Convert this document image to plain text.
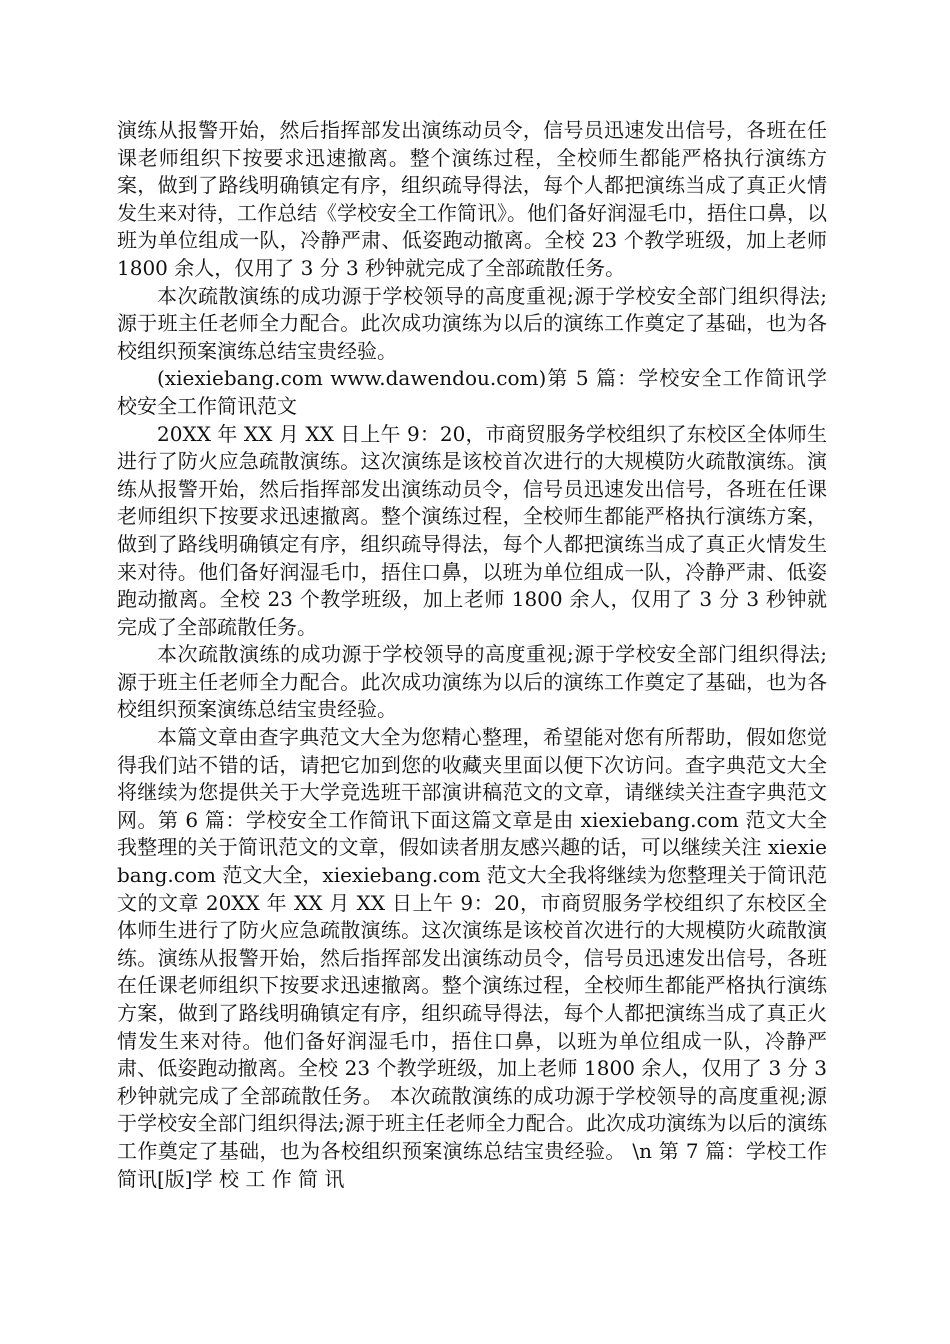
演练从报警开始，然后指挥部发出演练动员令，信号员迅速发出信号，各班在任课老师组织下按要求迅速撤离。整个演练过程，全校师生都能严格执行演练方案，做到了路线明确镇定有序，组织疏导得法，每个人都把演练当成了真正火情发生来对待，工作总结《学校安全工作简讯》。他们备好润湿毛巾，捂住口鼻，以班为单位组成一队，冷静严肃、低姿跑动撤离。全校 23 个教学班级，加上老师 1800 余人，仅用了 3 分 3 秒钟就完成了全部疏散任务。

本次疏散演练的成功源于学校领导的高度重视;源于学校安全部门组织得法;源于班主任老师全力配合。此次成功演练为以后的演练工作奠定了基础，也为各校组织预案演练总结宝贵经验。

(xiexiebang.com www.dawendou.com)第 5 篇：学校安全工作简讯学校安全工作简讯范文

20XX 年 XX 月 XX 日上午 9：20，市商贸服务学校组织了东校区全体师生进行了防火应急疏散演练。这次演练是该校首次进行的大规模防火疏散演练。演练从报警开始，然后指挥部发出演练动员令，信号员迅速发出信号，各班在任课老师组织下按要求迅速撤离。整个演练过程，全校师生都能严格执行演练方案，做到了路线明确镇定有序，组织疏导得法，每个人都把演练当成了真正火情发生来对待。他们备好润湿毛巾，捂住口鼻，以班为单位组成一队，冷静严肃、低姿跑动撤离。全校 23 个教学班级，加上老师 1800 余人，仅用了 3 分 3 秒钟就完成了全部疏散任务。

本次疏散演练的成功源于学校领导的高度重视;源于学校安全部门组织得法;源于班主任老师全力配合。此次成功演练为以后的演练工作奠定了基础，也为各校组织预案演练总结宝贵经验。

本篇文章由查字典范文大全为您精心整理，希望能对您有所帮助，假如您觉得我们站不错的话，请把它加到您的收藏夹里面以便下次访问。查字典范文大全将继续为您提供关于大学竞选班干部演讲稿范文的文章，请继续关注查字典范文网。第 6 篇：学校安全工作简讯下面这篇文章是由 xiexiebang.com 范文大全我整理的关于简讯范文的文章，假如读者朋友感兴趣的话，可以继续关注 xiexiebang.com 范文大全，xiexiebang.com 范文大全我将继续为您整理关于简讯范文的文章 20XX 年 XX 月 XX 日上午 9：20，市商贸服务学校组织了东校区全体师生进行了防火应急疏散演练。这次演练是该校首次进行的大规模防火疏散演练。演练从报警开始，然后指挥部发出演练动员令，信号员迅速发出信号，各班在任课老师组织下按要求迅速撤离。整个演练过程，全校师生都能严格执行演练方案，做到了路线明确镇定有序，组织疏导得法，每个人都把演练当成了真正火情发生来对待。他们备好润湿毛巾，捂住口鼻，以班为单位组成一队，冷静严肃、低姿跑动撤离。全校 23 个教学班级，加上老师 1800 余人，仅用了 3 分 3 秒钟就完成了全部疏散任务。 本次疏散演练的成功源于学校领导的高度重视;源于学校安全部门组织得法;源于班主任老师全力配合。此次成功演练为以后的演练工作奠定了基础，也为各校组织预案演练总结宝贵经验。 \n 第 7 篇：学校工作简讯[版]学 校 工 作 简 讯
